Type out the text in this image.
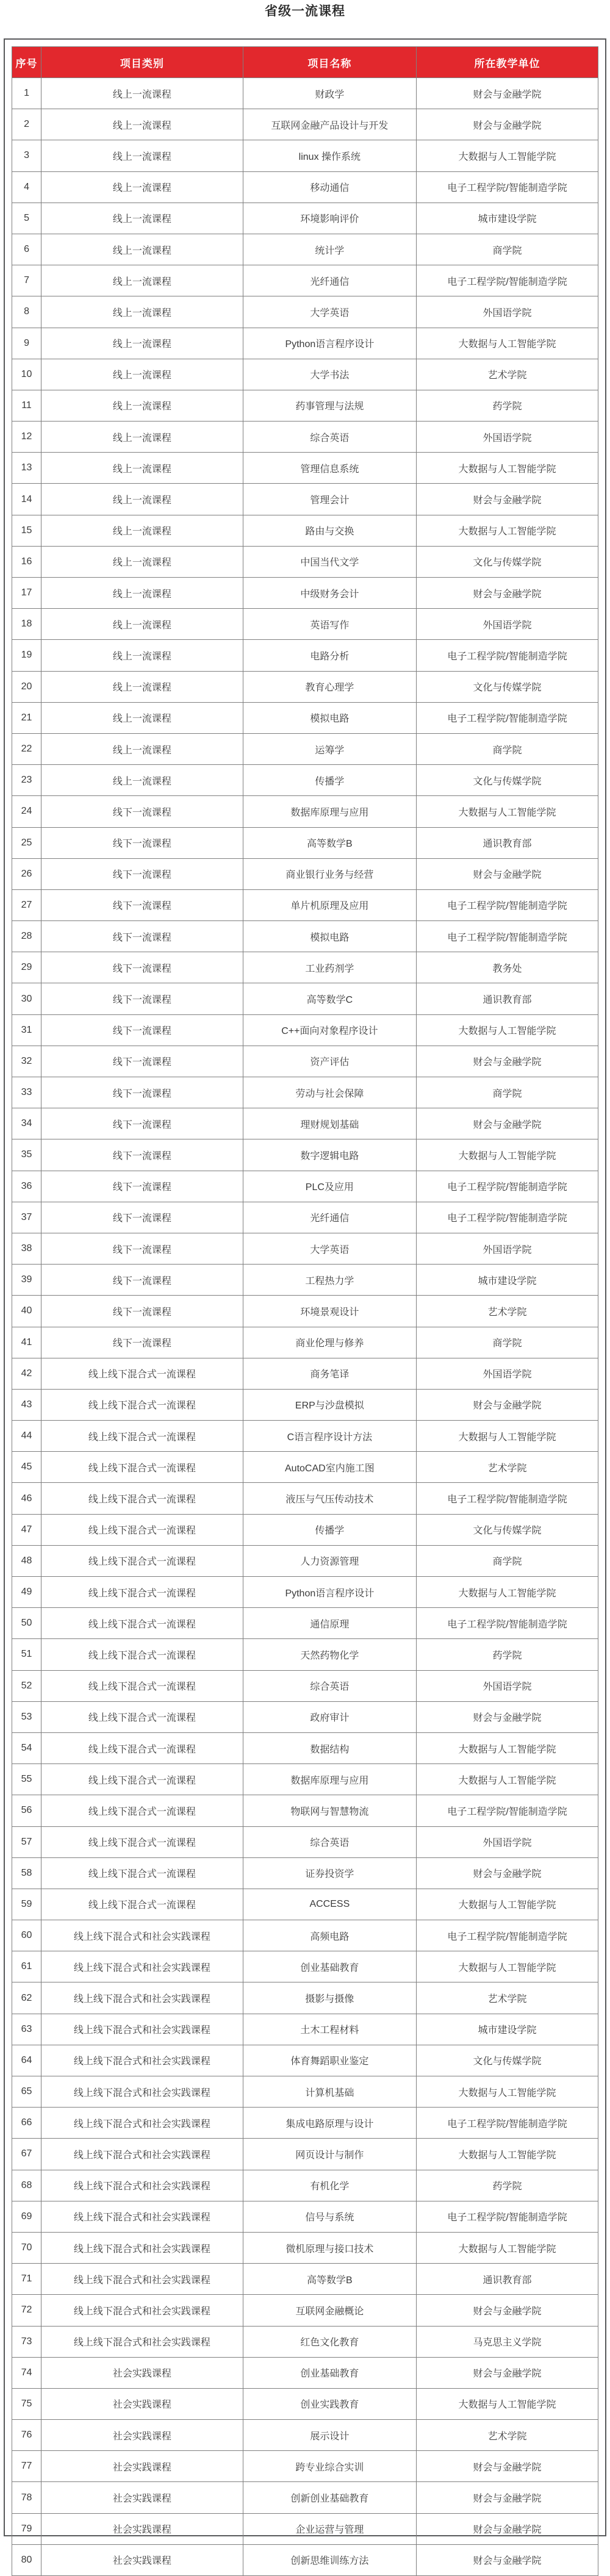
省级一流课程
序号	项目类别	项目名称	所在教学单位
1	线上一流课程	财政学	财会与金融学院
2	线上一流课程	互联网金融产品设计与开发	财会与金融学院
3	线上一流课程	linux 操作系统	大数据与人工智能学院
4	线上一流课程	移动通信	电子工程学院/智能制造学院
5	线上一流课程	环境影响评价	城市建设学院
6	线上一流课程	统计学	商学院
7	线上一流课程	光纤通信	电子工程学院/智能制造学院
8	线上一流课程	大学英语	外国语学院
9	线上一流课程	Python语言程序设计	大数据与人工智能学院
10	线上一流课程	大学书法	艺术学院
11	线上一流课程	药事管理与法规	药学院
12	线上一流课程	综合英语	外国语学院
13	线上一流课程	管理信息系统	大数据与人工智能学院
14	线上一流课程	管理会计	财会与金融学院
15	线上一流课程	路由与交换	大数据与人工智能学院
16	线上一流课程	中国当代文学	文化与传媒学院
17	线上一流课程	中级财务会计	财会与金融学院
18	线上一流课程	英语写作	外国语学院
19	线上一流课程	电路分析	电子工程学院/智能制造学院
20	线上一流课程	教育心理学	文化与传媒学院
21	线上一流课程	模拟电路	电子工程学院/智能制造学院
22	线上一流课程	运筹学	商学院
23	线上一流课程	传播学	文化与传媒学院
24	线下一流课程	数据库原理与应用	大数据与人工智能学院
25	线下一流课程	高等数学B	通识教育部
26	线下一流课程	商业银行业务与经营	财会与金融学院
27	线下一流课程	单片机原理及应用	电子工程学院/智能制造学院
28	线下一流课程	模拟电路	电子工程学院/智能制造学院
29	线下一流课程	工业药剂学	教务处
30	线下一流课程	高等数学C	通识教育部
31	线下一流课程	C++面向对象程序设计	大数据与人工智能学院
32	线下一流课程	资产评估	财会与金融学院
33	线下一流课程	劳动与社会保障	商学院
34	线下一流课程	理财规划基础	财会与金融学院
35	线下一流课程	数字逻辑电路	大数据与人工智能学院
36	线下一流课程	PLC及应用	电子工程学院/智能制造学院
37	线下一流课程	光纤通信	电子工程学院/智能制造学院
38	线下一流课程	大学英语	外国语学院
39	线下一流课程	工程热力学	城市建设学院
40	线下一流课程	环境景观设计	艺术学院
41	线下一流课程	商业伦理与修养	商学院
42	线上线下混合式一流课程	商务笔译	外国语学院
43	线上线下混合式一流课程	ERP与沙盘模拟	财会与金融学院
44	线上线下混合式一流课程	C语言程序设计方法	大数据与人工智能学院
45	线上线下混合式一流课程	AutoCAD室内施工图	艺术学院
46	线上线下混合式一流课程	液压与气压传动技术	电子工程学院/智能制造学院
47	线上线下混合式一流课程	传播学	文化与传媒学院
48	线上线下混合式一流课程	人力资源管理	商学院
49	线上线下混合式一流课程	Python语言程序设计	大数据与人工智能学院
50	线上线下混合式一流课程	通信原理	电子工程学院/智能制造学院
51	线上线下混合式一流课程	天然药物化学	药学院
52	线上线下混合式一流课程	综合英语	外国语学院
53	线上线下混合式一流课程	政府审计	财会与金融学院
54	线上线下混合式一流课程	数据结构	大数据与人工智能学院
55	线上线下混合式一流课程	数据库原理与应用	大数据与人工智能学院
56	线上线下混合式一流课程	物联网与智慧物流	电子工程学院/智能制造学院
57	线上线下混合式一流课程	综合英语	外国语学院
58	线上线下混合式一流课程	证券投资学	财会与金融学院
59	线上线下混合式一流课程	ACCESS	大数据与人工智能学院
60	线上线下混合式和社会实践课程	高频电路	电子工程学院/智能制造学院
61	线上线下混合式和社会实践课程	创业基础教育	大数据与人工智能学院
62	线上线下混合式和社会实践课程	摄影与摄像	艺术学院
63	线上线下混合式和社会实践课程	土木工程材料	城市建设学院
64	线上线下混合式和社会实践课程	体育舞蹈职业鉴定	文化与传媒学院
65	线上线下混合式和社会实践课程	计算机基础	大数据与人工智能学院
66	线上线下混合式和社会实践课程	集成电路原理与设计	电子工程学院/智能制造学院
67	线上线下混合式和社会实践课程	网页设计与制作	大数据与人工智能学院
68	线上线下混合式和社会实践课程	有机化学	药学院
69	线上线下混合式和社会实践课程	信号与系统	电子工程学院/智能制造学院
70	线上线下混合式和社会实践课程	微机原理与接口技术	大数据与人工智能学院
71	线上线下混合式和社会实践课程	高等数学B	通识教育部
72	线上线下混合式和社会实践课程	互联网金融概论	财会与金融学院
73	线上线下混合式和社会实践课程	红色文化教育	马克思主义学院
74	社会实践课程	创业基础教育	财会与金融学院
75	社会实践课程	创业实践教育	大数据与人工智能学院
76	社会实践课程	展示设计	艺术学院
77	社会实践课程	跨专业综合实训	财会与金融学院
78	社会实践课程	创新创业基础教育	财会与金融学院
79	社会实践课程	企业运营与管理	财会与金融学院
80	社会实践课程	创新思维训练方法	财会与金融学院
